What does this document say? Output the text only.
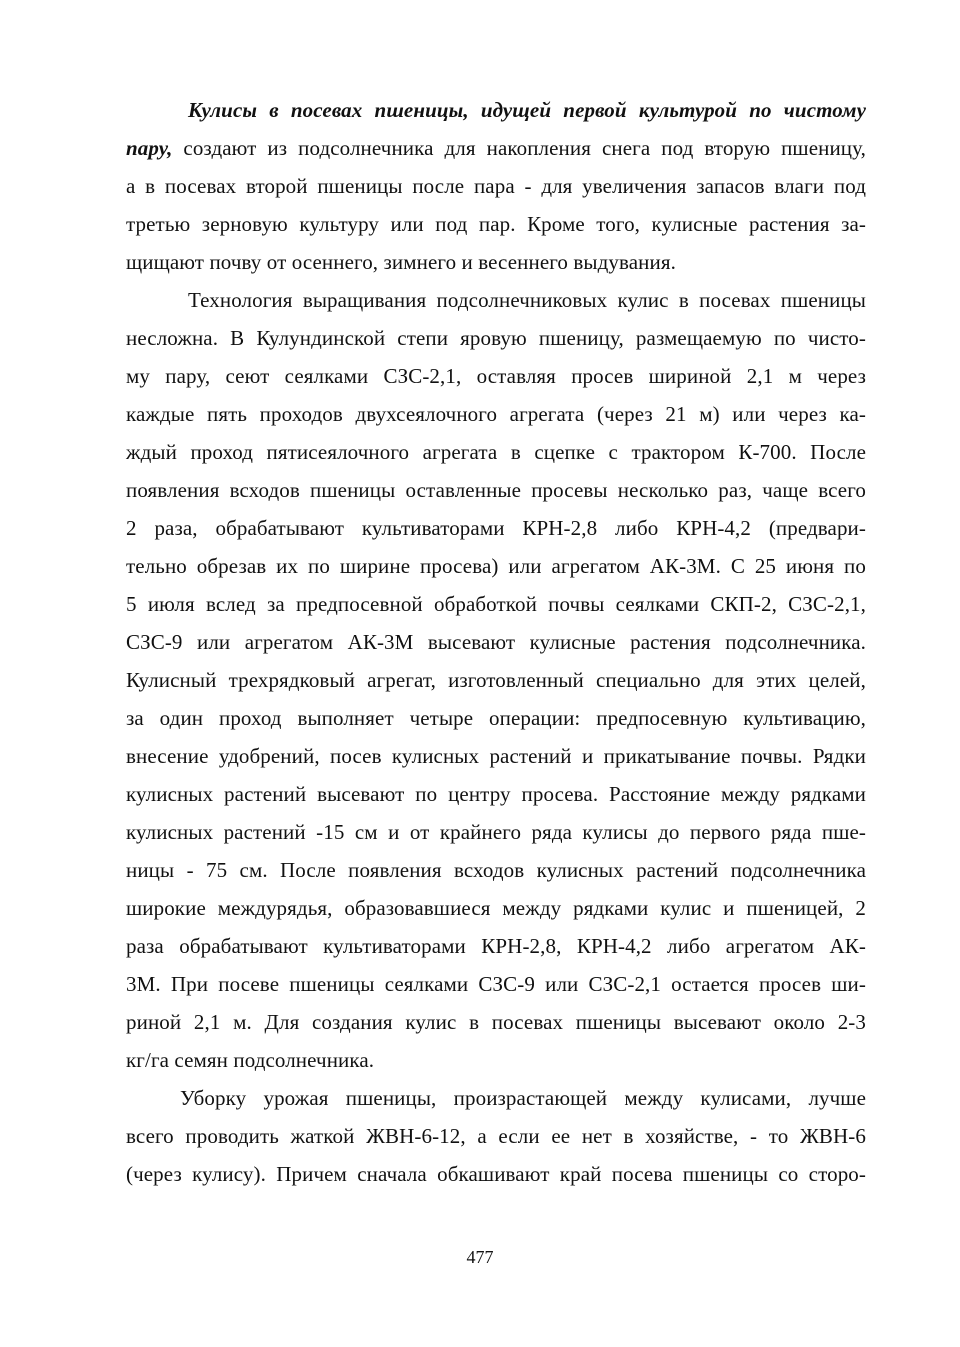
Кулисы в посевах пшеницы, идущей первой культурой по чистому
пару, создают из подсолнечника для накопления снега под вторую пшеницу,
а в посевах второй пшеницы после пара - для увеличения запасов влаги под
третью зерновую культуру или под пар. Кроме того, кулисные растения за-
щищают почву от осеннего, зимнего и весеннего выдувания.
Технология выращивания подсолнечниковых кулис в посевах пшеницы
несложна. В Кулундинской степи яровую пшеницу, размещаемую по чисто-
му пару, сеют сеялками СЗС-2,1, оставляя просев шириной 2,1 м через
каждые пять проходов двухсеялочного агрегата (через 21 м) или через ка-
ждый проход пятисеялочного агрегата в сцепке с трактором К-700. После
появления всходов пшеницы оставленные просевы несколько раз, чаще всего
2 раза, обрабатывают культиваторами КРН-2,8 либо КРН-4,2 (предвари-
тельно обрезав их по ширине просева) или агрегатом АК-3М. С 25 июня по
5 июля вслед за предпосевной обработкой почвы сеялками СКП-2, СЗС-2,1,
СЗС-9 или агрегатом АК-3М высевают кулисные растения подсолнечника.
Кулисный трехрядковый агрегат, изготовленный специально для этих целей,
за один проход выполняет четыре операции: предпосевную культивацию,
внесение удобрений, посев кулисных растений и прикатывание почвы. Рядки
кулисных растений высевают по центру просева. Расстояние между рядками
кулисных растений -15 см и от крайнего ряда кулисы до первого ряда пше-
ницы - 75 см. После появления всходов кулисных растений подсолнечника
широкие междурядья, образовавшиеся между рядками кулис и пшеницей, 2
раза обрабатывают культиваторами КРН-2,8, КРН-4,2 либо агрегатом АК-
3М. При посеве пшеницы сеялками СЗС-9 или СЗС-2,1 остается просев ши-
риной 2,1 м. Для создания кулис в посевах пшеницы высевают около 2-3
кг/га семян подсолнечника.
Уборку урожая пшеницы, произрастающей между кулисами, лучше
всего проводить жаткой ЖВН-6-12, а если ее нет в хозяйстве, - то ЖВН-6
(через кулису). Причем сначала обкашивают край посева пшеницы со сторо-
477
